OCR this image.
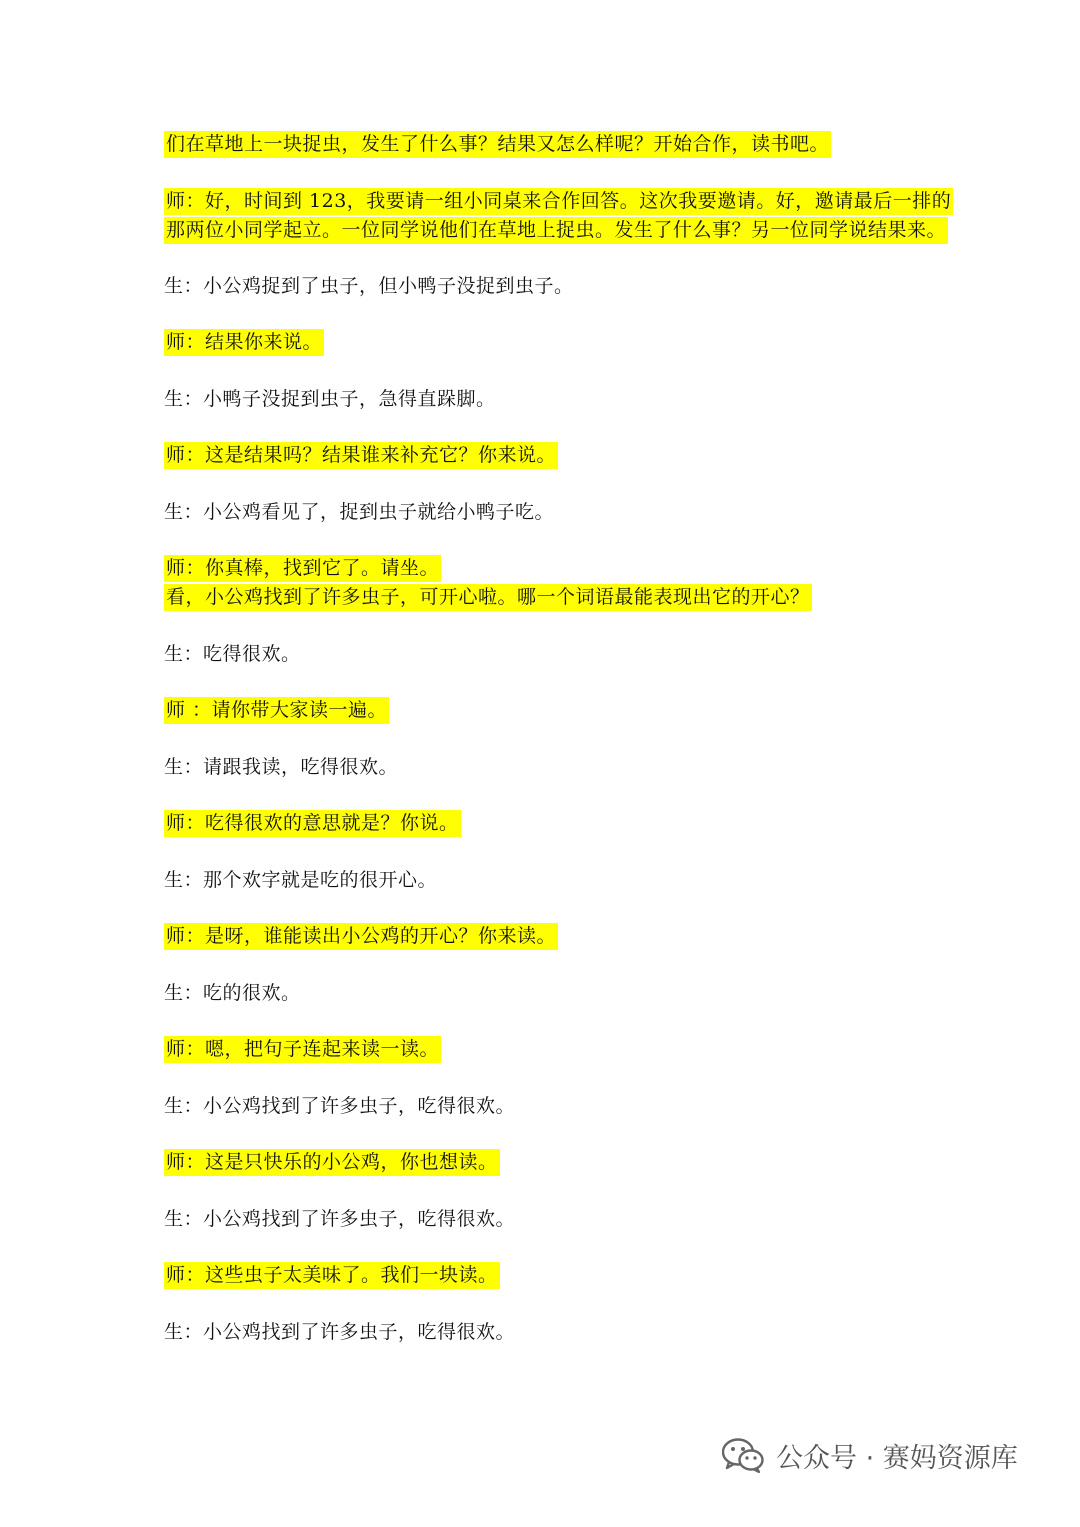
们在草地上一块捉虫，发生了什么事？结果又怎么样呢？开始合作，读书吧。
师：好，时间到 123，我要请一组小同桌来合作回答。这次我要邀请。好，邀请最后一排的
那两位小同学起立。一位同学说他们在草地上捉虫。发生了什么事？另一位同学说结果来。
生：小公鸡捉到了虫子，但小鸭子没捉到虫子。
师：结果你来说。
生：小鸭子没捉到虫子，急得直跺脚。
师：这是结果吗？结果谁来补充它？你来说。
生：小公鸡看见了，捉到虫子就给小鸭子吃。
师：你真棒，找到它了。请坐。
看，小公鸡找到了许多虫子，可开心啦。哪一个词语最能表现出它的开心？
生：吃得很欢。
师 ：请你带大家读一遍。
生：请跟我读，吃得很欢。
师：吃得很欢的意思就是？你说。
生：那个欢字就是吃的很开心。
师：是呀，谁能读出小公鸡的开心？你来读。
生：吃的很欢。
师：嗯，把句子连起来读一读。
生：小公鸡找到了许多虫子，吃得很欢。
师：这是只快乐的小公鸡，你也想读。
生：小公鸡找到了许多虫子，吃得很欢。
师：这些虫子太美味了。我们一块读。
生：小公鸡找到了许多虫子，吃得很欢。
公众号 · 赛妈资源库
